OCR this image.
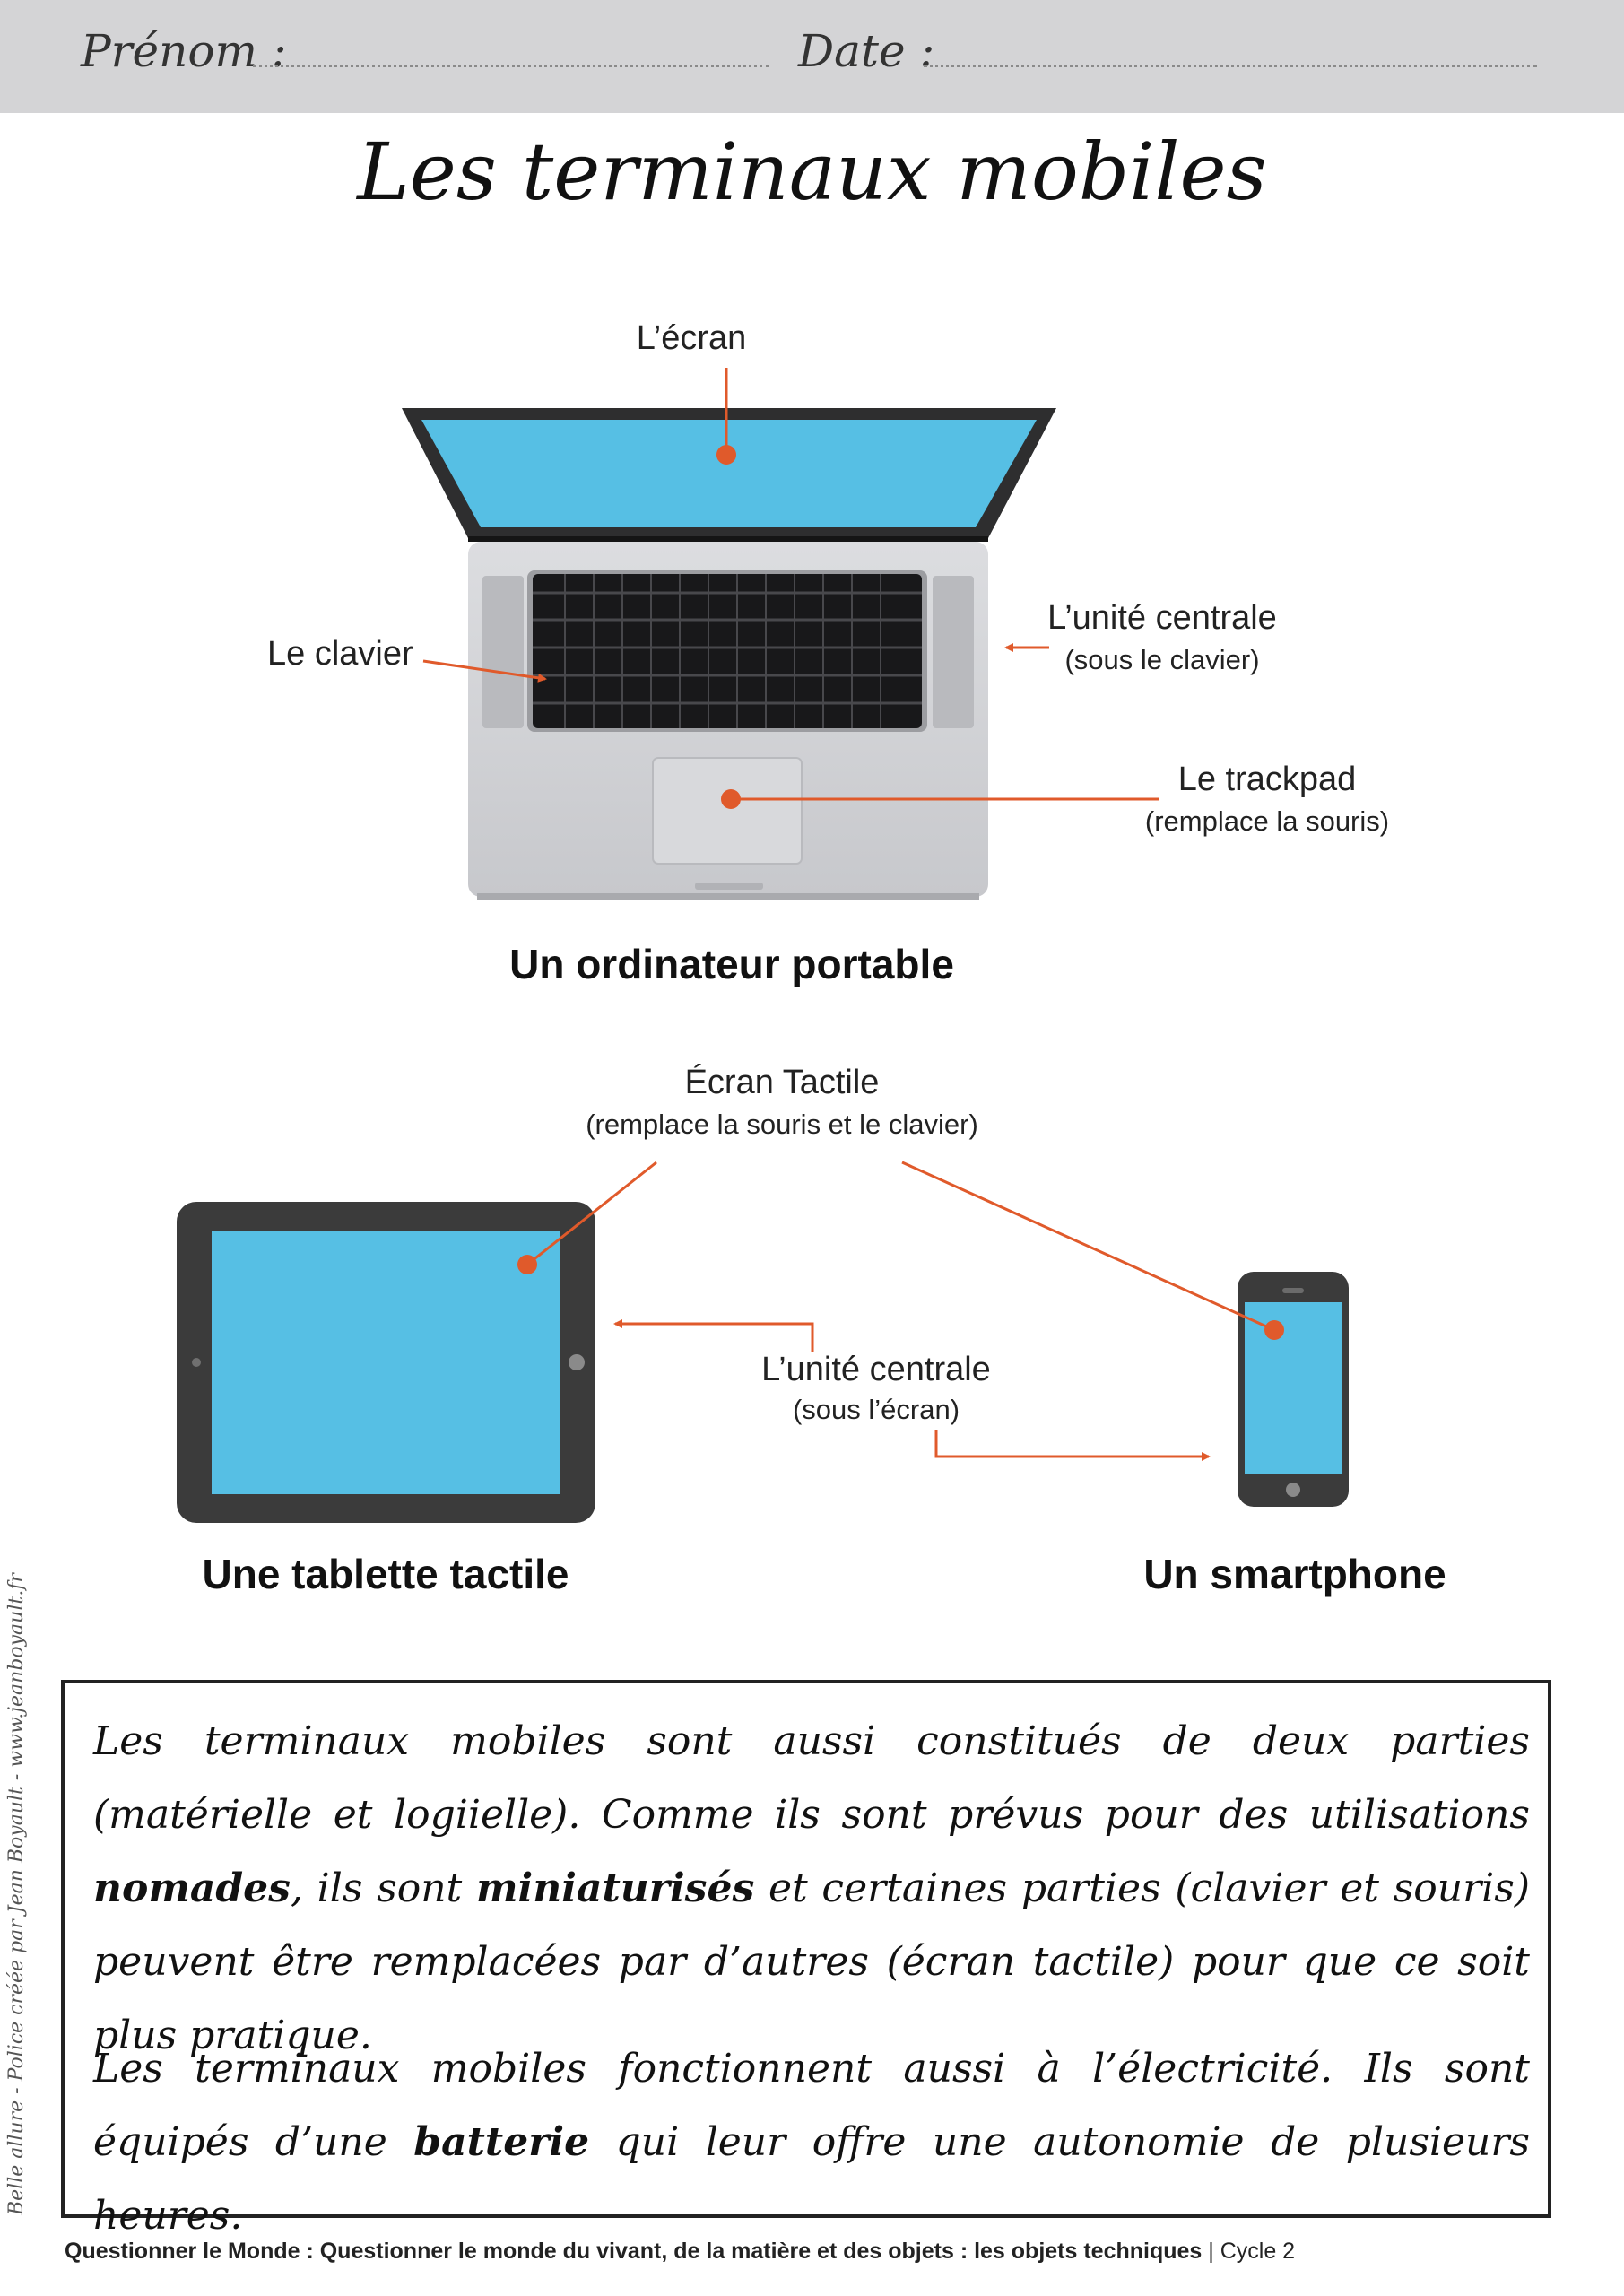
Prénom :	Date :
Les terminaux mobiles
L’écran
Le clavier
L’unité centrale
(sous le clavier)
Le trackpad
(remplace la souris)
Un ordinateur portable
Écran Tactile
(remplace la souris et le clavier)
L’unité centrale
(sous l’écran)
Une tablette tactile	Un smartphone
Les terminaux mobiles sont aussi constitués de deux parties (matérielle et logiielle). Comme ils sont prévus pour des utilisations nomades, ils sont miniaturisés et certaines parties (clavier et souris) peuvent être remplacées par d’autres (écran tactile) pour que ce soit plus pratique.
Les terminaux mobiles fonctionnent aussi à l’électricité. Ils sont équipés d’une batterie qui leur offre une autonomie de plusieurs heures.
Belle allure - Police créée par Jean Boyault - www.jeanboyault.fr
Questionner le Monde : Questionner le monde du vivant, de la matière et des objets : les objets techniques | Cycle 2
